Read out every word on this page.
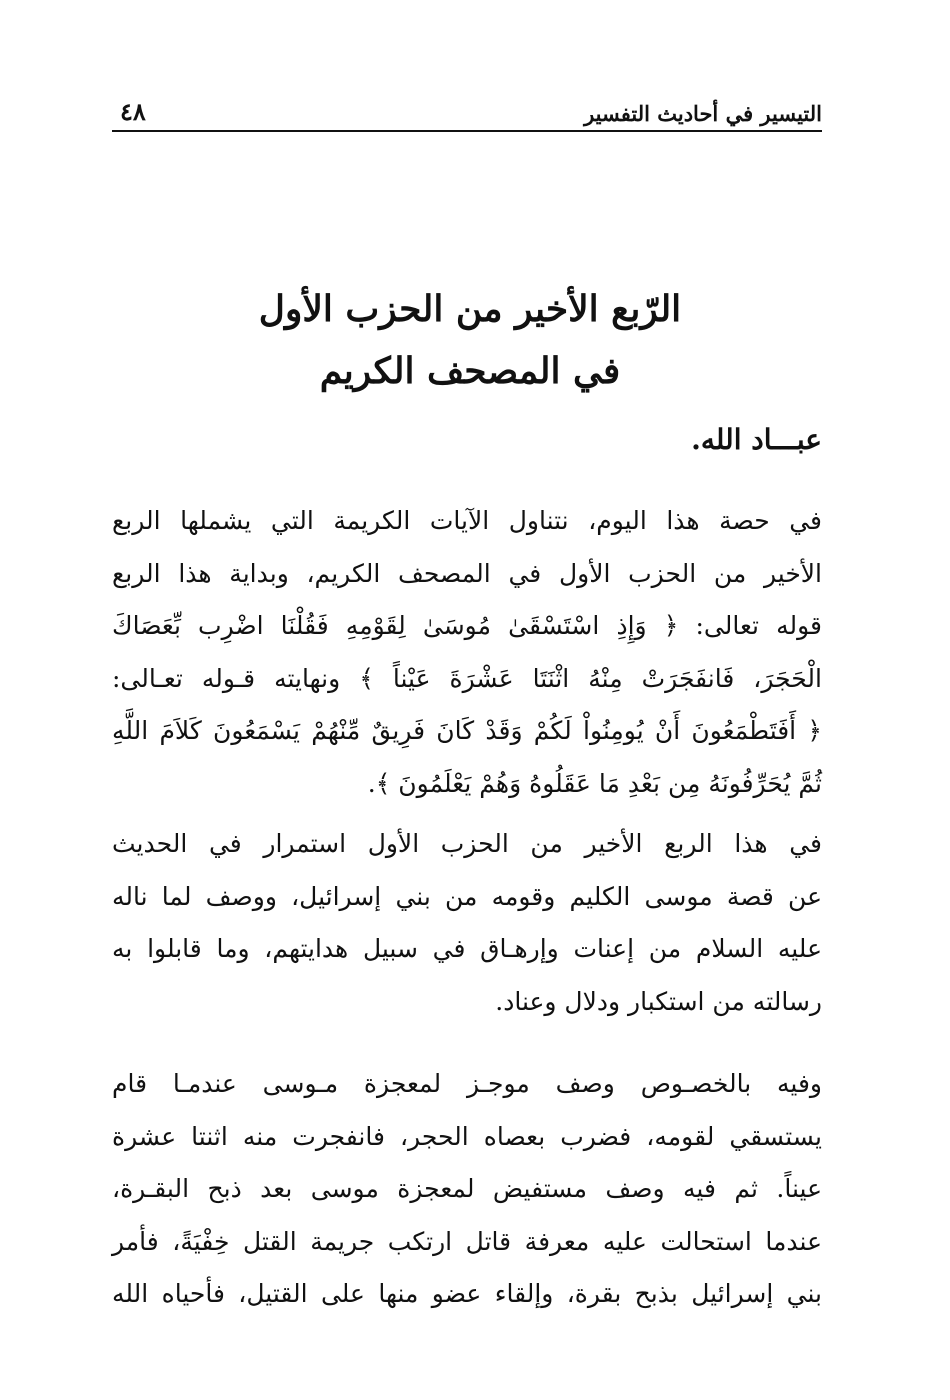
التيسير في أحاديث التفسير
٤٨
الرّبع الأخير من الحزب الأول
في المصحف الكريم
عبـــاد الله.
في حصة هذا اليوم، نتناول الآيات الكريمة التي يشملها الربع
الأخير من الحزب الأول في المصحف الكريم، وبداية هذا الربع
قوله تعالى: ﴿ وَإِذِ اسْتَسْقَىٰ مُوسَىٰ لِقَوْمِهِ فَقُلْنَا اضْرِب بِّعَصَاكَ
الْحَجَرَ، فَانفَجَرَتْ مِنْهُ اثْنَتَا عَشْرَةَ عَيْناً ﴾ ونهايته قـوله تعـالى:
﴿ أَفَتَطْمَعُونَ أَنْ يُومِنُواْ لَكُمْ وَقَدْ كَانَ فَرِيقٌ مِّنْهُمْ يَسْمَعُونَ كَلاَمَ اللَّهِ
ثُمَّ يُحَرِّفُونَهُ مِن بَعْدِ مَا عَقَلُوهُ وَهُمْ يَعْلَمُونَ ﴾.
في هذا الربع الأخير من الحزب الأول استمرار في الحديث
عن قصة موسى الكليم وقومه من بني إسرائيل، ووصف لما ناله
عليه السلام من إعنات وإرهـاق في سبيل هدايتهم، وما قابلوا به
رسالته من استكبار ودلال وعناد.
وفيه بالخصـوص وصف موجـز لمعجزة مـوسى عندمـا قام
يستسقي لقومه، فضرب بعصاه الحجر، فانفجرت منه اثنتا عشرة
عيناً. ثم فيه وصف مستفيض لمعجزة موسى بعد ذبح البقـرة،
عندما استحالت عليه معرفة قاتل ارتكب جريمة القتل خِفْيَةً، فأمر
بني إسرائيل بذبح بقرة، وإلقاء عضو منها على القتيل، فأحياه الله
